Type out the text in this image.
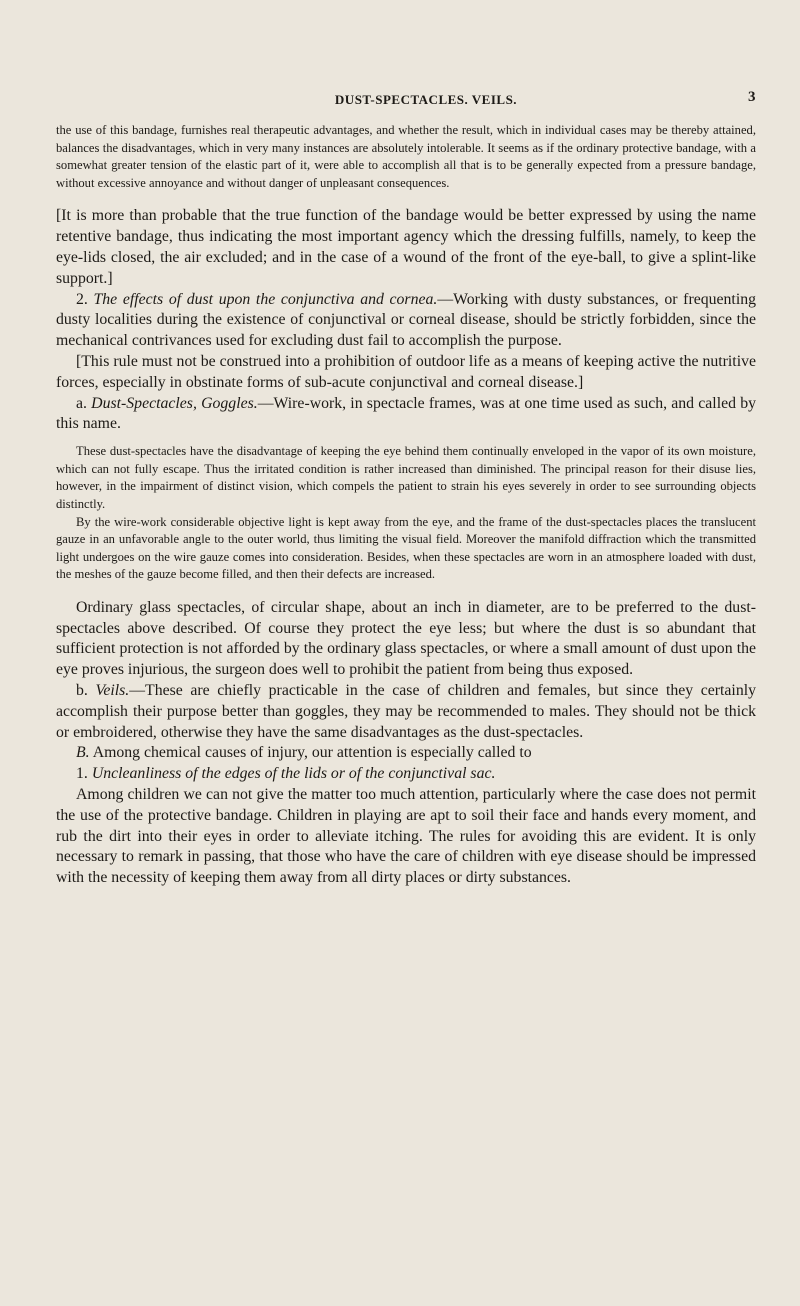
DUST-SPECTACLES. VEILS.	3

the use of this bandage, furnishes real therapeutic advantages, and whether the result, which in individual cases may be thereby attained, balances the disadvantages, which in very many instances are absolutely intolerable. It seems as if the ordinary protective bandage, with a somewhat greater tension of the elastic part of it, were able to accomplish all that is to be generally expected from a pressure bandage, without excessive annoyance and without danger of unpleasant consequences.

[It is more than probable that the true function of the bandage would be better expressed by using the name retentive bandage, thus indicating the most important agency which the dressing fulfills, namely, to keep the eye-lids closed, the air excluded; and in the case of a wound of the front of the eye-ball, to give a splint-like support.]

2. The effects of dust upon the conjunctiva and cornea.—Working with dusty substances, or frequenting dusty localities during the existence of conjunctival or corneal disease, should be strictly forbidden, since the mechanical contrivances used for excluding dust fail to accomplish the purpose.

[This rule must not be construed into a prohibition of outdoor life as a means of keeping active the nutritive forces, especially in obstinate forms of sub-acute conjunctival and corneal disease.]

a. Dust-Spectacles, Goggles.—Wire-work, in spectacle frames, was at one time used as such, and called by this name.

These dust-spectacles have the disadvantage of keeping the eye behind them continually enveloped in the vapor of its own moisture, which can not fully escape. Thus the irritated condition is rather increased than diminished. The principal reason for their disuse lies, however, in the impairment of distinct vision, which compels the patient to strain his eyes severely in order to see surrounding objects distinctly.

By the wire-work considerable objective light is kept away from the eye, and the frame of the dust-spectacles places the translucent gauze in an unfavorable angle to the outer world, thus limiting the visual field. Moreover the manifold diffraction which the transmitted light undergoes on the wire gauze comes into consideration. Besides, when these spectacles are worn in an atmosphere loaded with dust, the meshes of the gauze become filled, and then their defects are increased.

Ordinary glass spectacles, of circular shape, about an inch in diameter, are to be preferred to the dust-spectacles above described. Of course they protect the eye less; but where the dust is so abundant that sufficient protection is not afforded by the ordinary glass spectacles, or where a small amount of dust upon the eye proves injurious, the surgeon does well to prohibit the patient from being thus exposed.

b. Veils.—These are chiefly practicable in the case of children and females, but since they certainly accomplish their purpose better than goggles, they may be recommended to males. They should not be thick or embroidered, otherwise they have the same disadvantages as the dust-spectacles.

B. Among chemical causes of injury, our attention is especially called to

1. Uncleanliness of the edges of the lids or of the conjunctival sac.

Among children we can not give the matter too much attention, particularly where the case does not permit the use of the protective bandage. Children in playing are apt to soil their face and hands every moment, and rub the dirt into their eyes in order to alleviate itching. The rules for avoiding this are evident. It is only necessary to remark in passing, that those who have the care of children with eye disease should be impressed with the necessity of keeping them away from all dirty places or dirty substances.
